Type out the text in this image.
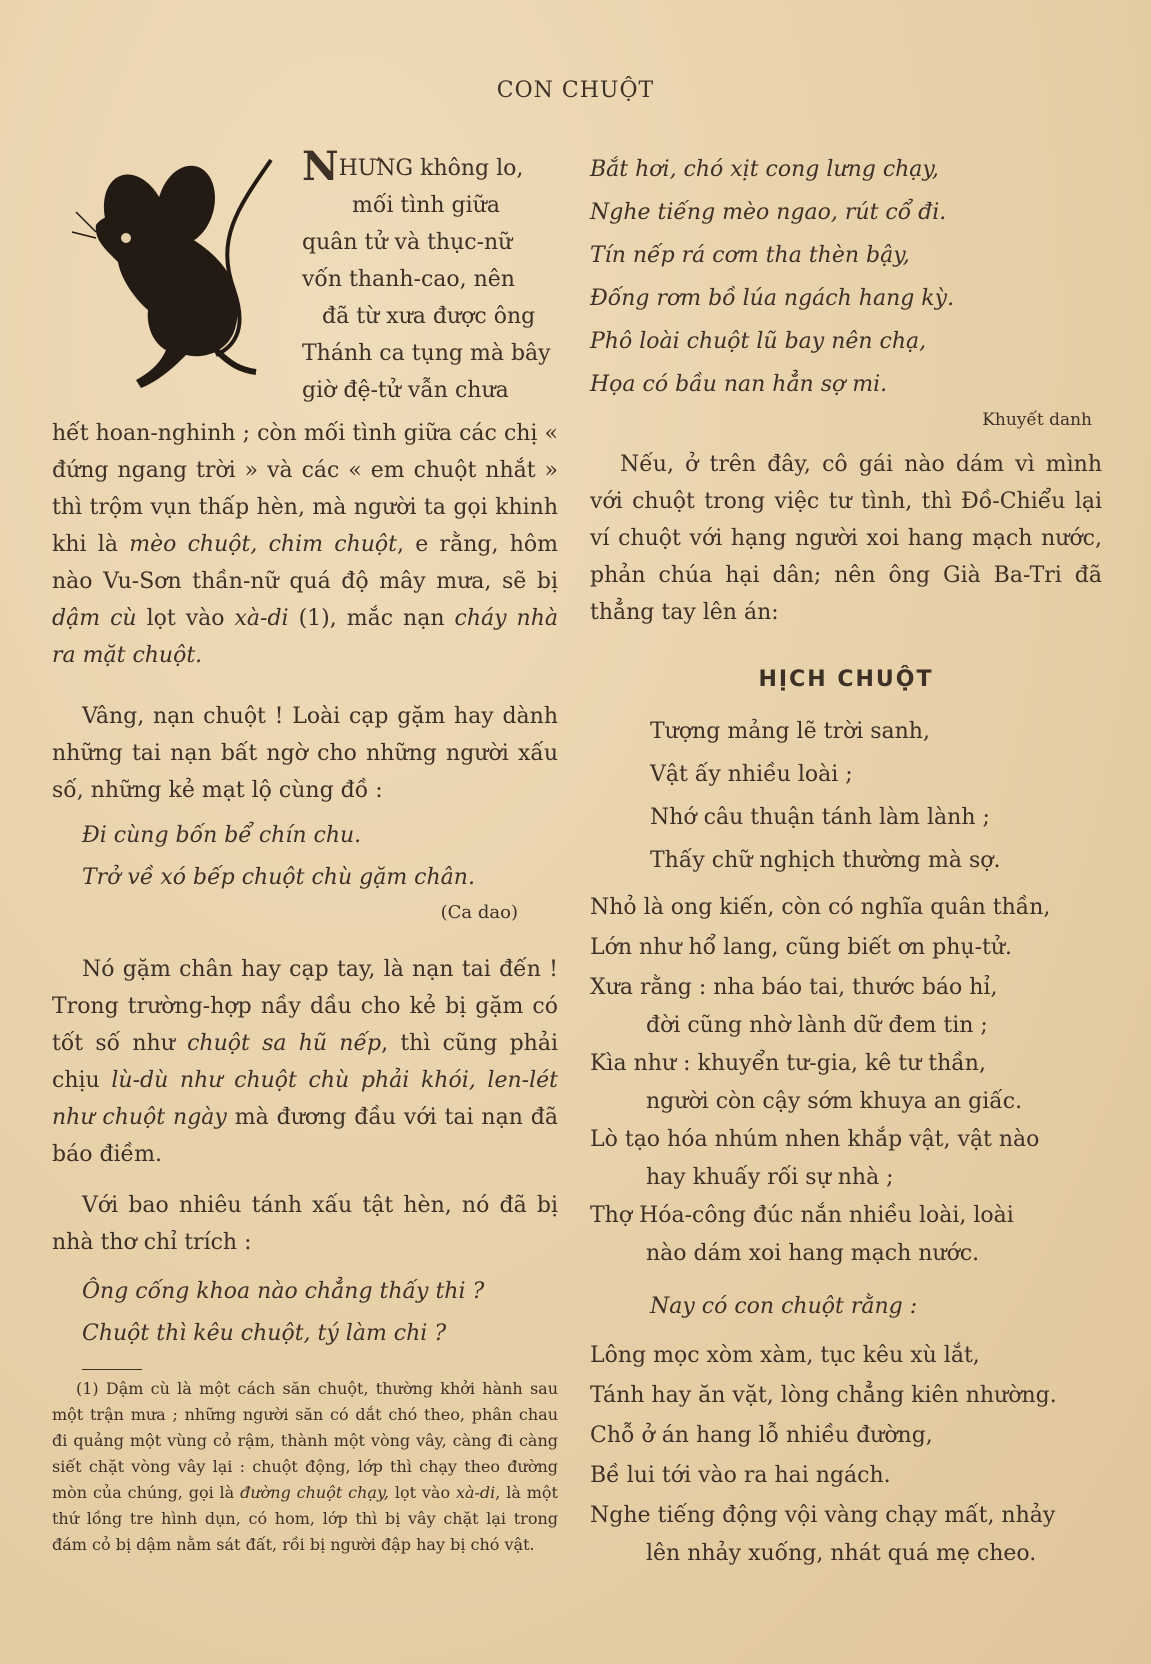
CON CHUỘT
NHƯNG không lo,
mối tình giữa
quân tử và thục-nữ
vốn thanh-cao, nên
đã từ xưa được ông
Thánh ca tụng mà bây
giờ đệ-tử vẫn chưa

hết hoan-nghinh ; còn mối tình giữa các chị « đứng ngang trời » và các « em chuột nhắt » thì trộm vụn thấp hèn, mà người ta gọi khinh khi là mèo chuột, chim chuột, e rằng, hôm nào Vu-Sơn thần-nữ quá độ mây mưa, sẽ bị dậm cù lọt vào xà-di (1), mắc nạn cháy nhà ra mặt chuột.

Vâng, nạn chuột ! Loài cạp gặm hay dành những tai nạn bất ngờ cho những người xấu số, những kẻ mạt lộ cùng đồ :

Đi cùng bốn bể chín chu.
Trở về xó bếp chuột chù gặm chân.
(Ca dao)

Nó gặm chân hay cạp tay, là nạn tai đến ! Trong trường-hợp nầy dầu cho kẻ bị gặm có tốt số như chuột sa hũ nếp, thì cũng phải chịu lù-dù như chuột chù phải khói, len-lét như chuột ngày mà đương đầu với tai nạn đã báo điềm.

Với bao nhiêu tánh xấu tật hèn, nó đã bị nhà thơ chỉ trích :

Ông cống khoa nào chẳng thấy thi ?
Chuột thì kêu chuột, tý làm chi ?
(1) Dậm cù là một cách săn chuột, thường khởi hành sau một trận mưa ; những người săn có dắt chó theo, phân chau đi quảng một vùng cỏ rậm, thành một vòng vây, càng đi càng siết chặt vòng vây lại : chuột động, lớp thì chạy theo đường mòn của chúng, gọi là đường chuột chạy, lọt vào xà-di, là một thứ lồng tre hình dụn, có hom, lớp thì bị vây chặt lại trong đám cỏ bị dậm nằm sát đất, rồi bị người đập hay bị chó vật.
Bắt hơi, chó xịt cong lưng chạy,
Nghe tiếng mèo ngao, rút cổ đi.
Tín nếp rá cơm tha thèn bậy,
Đống rơm bồ lúa ngách hang kỳ.
Phô loài chuột lũ bay nên chạ,
Họa có bầu nan hẳn sợ mi.
Khuyết danh

Nếu, ở trên đây, cô gái nào dám vì mình với chuột trong việc tư tình, thì Đồ-Chiểu lại ví chuột với hạng người xoi hang mạch nước, phản chúa hại dân; nên ông Già Ba-Tri đã thẳng tay lên án:

HỊCH CHUỘT
Tượng mảng lẽ trời sanh,
Vật ấy nhiều loài ;
Nhớ câu thuận tánh làm lành ;
Thấy chữ nghịch thường mà sợ.
Nhỏ là ong kiến, còn có nghĩa quân thần,
Lớn như hổ lang, cũng biết ơn phụ-tử.
Xưa rằng : nha báo tai, thước báo hỉ,
đời cũng nhờ lành dữ đem tin ;
Kìa như : khuyển tư-gia, kê tư thần,
người còn cậy sớm khuya an giấc.
Lò tạo hóa nhúm nhen khắp vật, vật nào
hay khuấy rối sự nhà ;
Thợ Hóa-công đúc nắn nhiều loài, loài
nào dám xoi hang mạch nước.
Nay có con chuột rằng :
Lông mọc xòm xàm, tục kêu xù lắt,
Tánh hay ăn vặt, lòng chẳng kiên nhường.
Chỗ ở án hang lỗ nhiều đường,
Bề lui tới vào ra hai ngách.
Nghe tiếng động vội vàng chạy mất, nhảy
lên nhảy xuống, nhát quá mẹ cheo.
